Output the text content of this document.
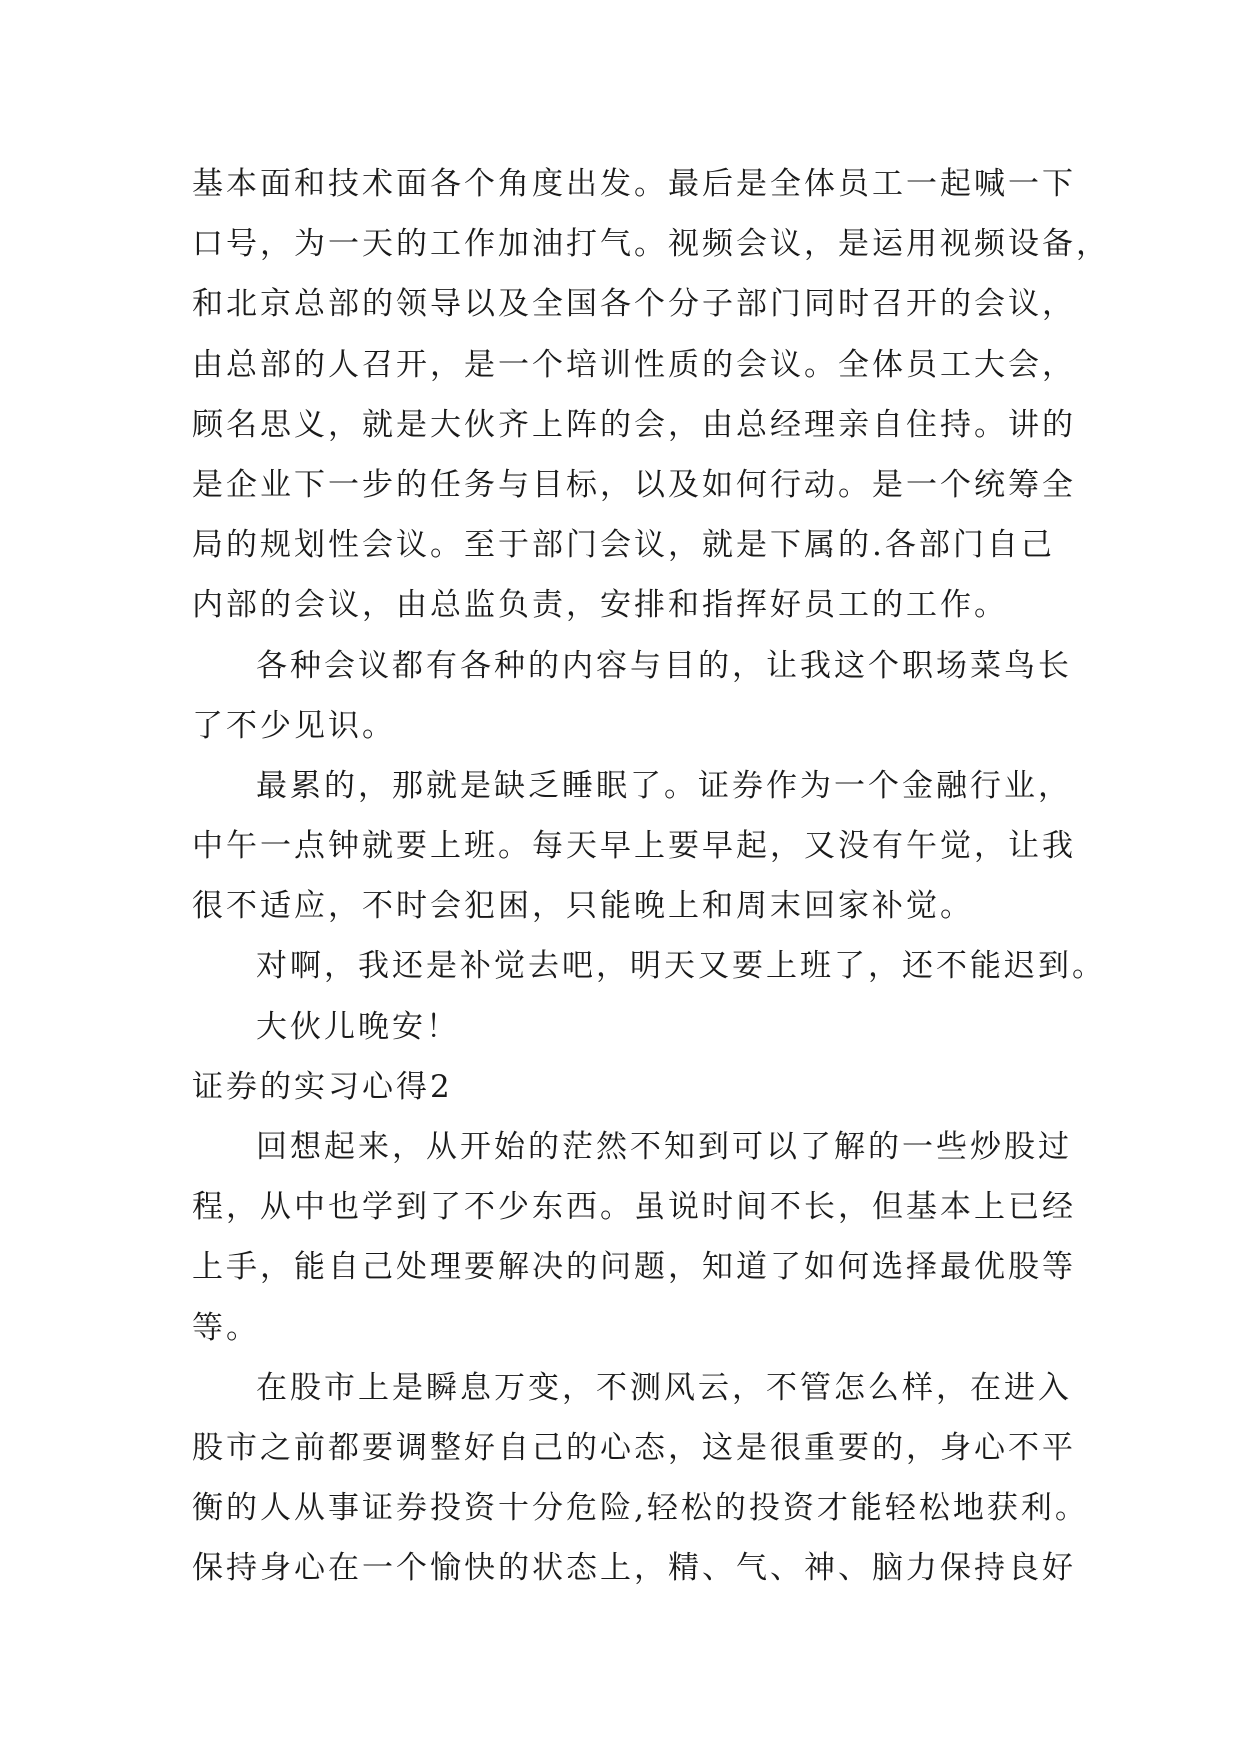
基本面和技术面各个角度出发。最后是全体员工一起喊一下
口号，为一天的工作加油打气。视频会议，是运用视频设备，
和北京总部的领导以及全国各个分子部门同时召开的会议，
由总部的人召开，是一个培训性质的会议。全体员工大会，
顾名思义，就是大伙齐上阵的会，由总经理亲自住持。讲的
是企业下一步的任务与目标，以及如何行动。是一个统筹全
局的规划性会议。至于部门会议，就是下属的.各部门自己
内部的会议，由总监负责，安排和指挥好员工的工作。
各种会议都有各种的内容与目的，让我这个职场菜鸟长
了不少见识。
最累的，那就是缺乏睡眠了。证券作为一个金融行业，
中午一点钟就要上班。每天早上要早起，又没有午觉，让我
很不适应，不时会犯困，只能晚上和周末回家补觉。
对啊，我还是补觉去吧，明天又要上班了，还不能迟到。
大伙儿晚安！
证券的实习心得2
回想起来，从开始的茫然不知到可以了解的一些炒股过
程，从中也学到了不少东西。虽说时间不长，但基本上已经
上手，能自己处理要解决的问题，知道了如何选择最优股等
等。
在股市上是瞬息万变，不测风云，不管怎么样，在进入
股市之前都要调整好自己的心态，这是很重要的，身心不平
衡的人从事证券投资十分危险,轻松的投资才能轻松地获利。
保持身心在一个愉快的状态上，精、气、神、脑力保持良好
